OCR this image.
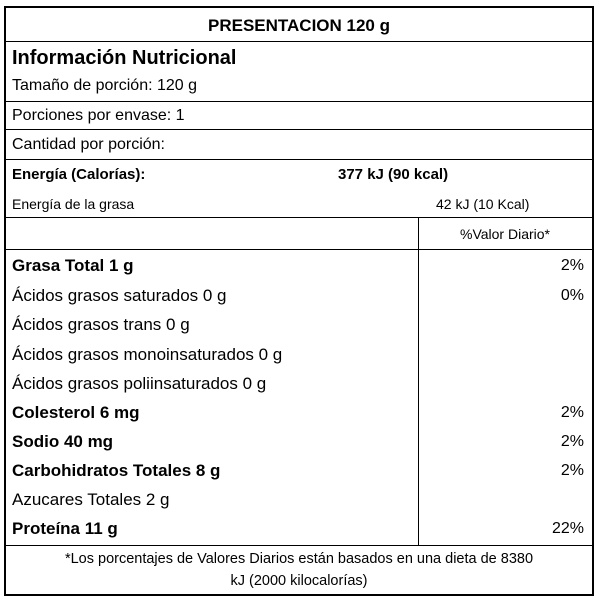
PRESENTACION 120 g
Información Nutricional
Tamaño de porción: 120 g
Porciones por envase: 1
Cantidad por porción:
Energía (Calorías):	377 kJ (90 kcal)
Energía de la grasa	42 kJ (10 Kcal)
%Valor Diario*
Grasa Total 1 g	2%
Ácidos grasos saturados 0 g	0%
Ácidos grasos trans 0 g
Ácidos grasos monoinsaturados 0 g
Ácidos grasos poliinsaturados 0 g
Colesterol 6 mg	2%
Sodio 40 mg	2%
Carbohidratos Totales 8 g	2%
Azucares Totales 2 g
Proteína 11 g	22%
*Los porcentajes de Valores Diarios están basados en una dieta de 8380
kJ (2000 kilocalorías)
